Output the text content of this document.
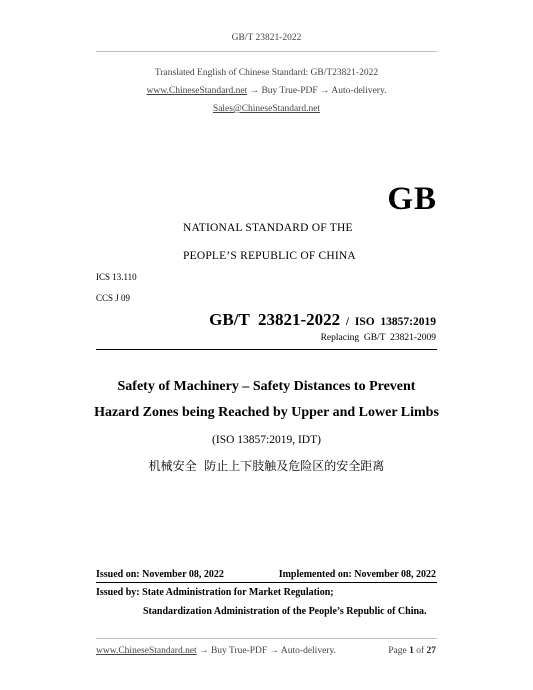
GB/T 23821-2022
Translated English of Chinese Standard: GB/T23821-2022
www.ChineseStandard.net → Buy True-PDF → Auto-delivery.
Sales@ChineseStandard.net
GB
NATIONAL STANDARD OF THE
PEOPLE’S REPUBLIC OF CHINA
ICS 13.110
CCS J 09
GB/T  23821-2022  /  ISO  13857:2019
Replacing  GB/T  23821-2009
Safety of Machinery – Safety Distances to Prevent
Hazard Zones being Reached by Upper and Lower Limbs
(ISO 13857:2019, IDT)
机械安全  防止上下肢触及危险区的安全距离
Issued on: November 08, 2022	Implemented on: November 08, 2022
Issued by: State Administration for Market Regulation;
Standardization Administration of the People’s Republic of China.
www.ChineseStandard.net → Buy True-PDF → Auto-delivery.	Page 1 of 27
